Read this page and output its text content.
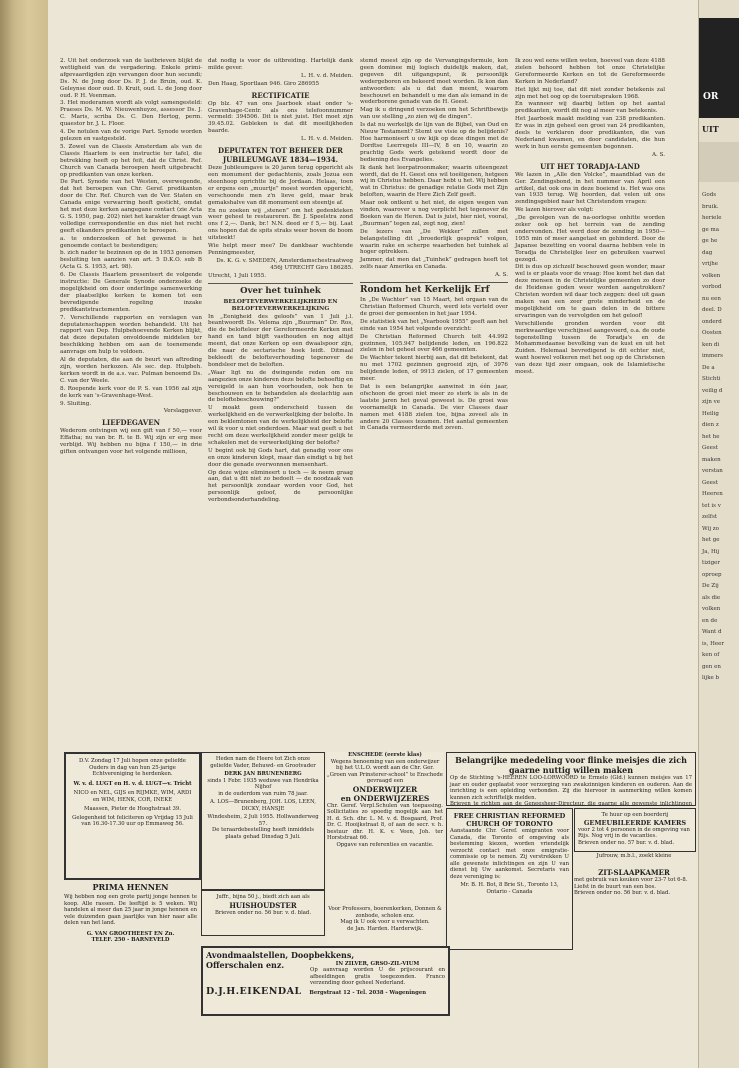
2. Uit het onderzoek van de lastbrieven blijkt de wettigheid van de vergadering. Enkele primi-afgevaardigden zijn vervangen door hun secundi; Ds. N. de Jong door Ds. P. J. de Bruin, oud. K. Geleynse door oud. D. Kruit, oud. L. de Jong door oud. P. H. Veenman.

3. Het moderamen wordt als volgt samengesteld: Praeses Ds. M. W. Nieuwenhuyze, assessor Ds. J. C. Maris, scriba Ds. C. Den Hertog, perm. quaestor br. J. L. Floor.

4. De notulen van de vorige Part. Synode worden gelezen en vastgesteld.

5. Zowel van de Classis Amsterdam als van de Classis Haarlem is een instructie ter tafel, die betrekking heeft op het feit, dat de Christ. Ref. Church van Canada beroepen heeft uitgebracht op predikanten van onze kerken.

De Part. Synode van het Westen, overwegende, dat het beroepen van Chr. Geref. predikanten door de Chr. Ref. Church van de Ver. Staten en Canada enige verwarring heeft gesticht, omdat het met deze kerken aangegane contact (zie Acta G. S. 1950, pag. 202) niet het karakter draagt van volledige correspondentie en dus niet het recht geeft elkanders predikanten te beroepen.

a. te onderzoeken of het gewenst is het genoemde contact te bestendigen;

b. zich nader te bezinnen op de in 1953 genomen besluiting ten aanzien van art. 5 D.K.O. sub B (Acta G. S. 1953, art. 98).

6. De Classis Haarlem presenteert de volgende instructie: De Generale Synode onderzoeke de mogelijkheid om door onderlinge samenwerking der plaatselijke kerken te komen tot een bevredigende regeling inzake predikantstractementen.

7. Verschillende rapporten en verslagen van deputatenschappen worden behandeld. Uit het rapport van Dep. Hulpbehoevende Kerken blijkt, dat deze deputaten onvoldoende middelen ter beschikking hebben om aan de toenemende aanvrage om hulp te voldoen.

Al de deputaten, die aan de beurt van aftreding zijn, worden herkozen. Als sec. dep. Hulpbeh. kerken wordt in de a.s. vac. Pulman benoemd Ds. C. van der Weele.

8. Roepende kerk voor de P. S. van 1956 zal zijn de kerk van 's-Gravenhage-West.

9. Sluiting.

Verslaggever.

LIEFDEGAVEN

Wederom ontvingen wij een gift van f 50,— voor Effatha; nu van br. R. te B. Wij zijn er erg mee verblijd. Wij hebben nu bijna f 150,— in drie giften ontvangen voor het volgende millioen,

dat nodig is voor de uitbreiding. Hartelijk dank milde gever.

L. H. v. d. Meiden.

Den Haag, Sportlaan 946. Giro 286955

RECTIFICATIE

Op blz. 47 van ons Jaarboek staat onder 's-Gravenhage-Centr. als ons telefoonnummer vermeld: 394506. Dit is niet juist. Het moet zijn 39.45.02. Gebleken is dat dit moeilijkheden baarde.

L. H. v. d. Meiden.

DEPUTATEN TOT BEHEER DER JUBILEUMGAVE 1834—1934.

Deze Jubileumgave is 20 jaren terug opgericht als een monument der gedachtenis, zoals Jozua een steenhoop oprichtte bij de Jordaan. Helaas, toen er ergens een „muurtje” moest worden opgericht, verschoonde men z'n lieve geld, maar brak gemakshalve van dit monument een steentje af.

En nu zoeken wij „stenen” om het gedenkteken weer geheel te restaureren. Br. J. Speelstra zond ons f 2,—. Dank, br.! N.N. deed er f 5,— bij. Laat ons hopen dat de spits straks weer boven de boom uitsteekt!

Wie helpt meer mee? De dankbaar wachtende Penningmeester,

Ds. K. G. v. SMEDEN, Amsterdamschestraatweg 456j UTRECHT Giro 186285.

Utrecht, 1 Juli 1955.

Over het tuinhek
BELOFTEVERWERKELIJKHEID EN BELOFTEVERWERKELIJKING

In „Eenigheid des geloofs” van 1 Juli j.l. beantwoordt Ds. Velema zijn „Buurman” Dr. Ros, die de belofteleer der Gereformeerde Kerken met hand en tand blijft vasthouden en nog altijd meent, dat onze Kerken op een dwaalspoor zijn, die naar de sectarische hoek leidt. Ditmaal bekleedt de belofteverhouding tegenover de bondsleer met de beloften.

„Waar ligt nu de dwingende reden om nu aangezien onze kinderen deze belofte behoeftig en vereigeld is aan hun voorhouden, ook hen te beschouwen en te behandelen als deelachtig aan de beloftebeschouwing?”

U moakt geen onderscheid tussen de werkelijkheid en de verwerkelijking der belofte. In een beklemtonen van de werkelijkheid der belofte wil ik voor u niet onderdoen. Maar wat geeft u het recht om deze werkelijkheid zonder meer gelijk te schakelen met de verwerkelijking der belofte?

U begint ook bij Gods hart, dat genadig voor ons en onze kinderen klopt, maar dan eindigt u bij het door die genade overwonnen mensenhart.

Op deze wijze elimineert u toch — ik neem graag aan, dat u dit niet zo bedoelt — de noodzaak van het persoonlijk zondaar worden voor God, het persoonlijk geloof, de persoonlijke verbondsonderhandeling.

stemd moest zijn op de Vervangingsformule, kon geen dominee mij logisch duidelijk maken, dat, gegeven dit uitgangspunt, ik persoonlijk wedergeboren en bekeerd moet worden. Ik kon dan antwoorden: als u dat dan meent, waarom beschouwt en behandelt u me dan als iemand in de wederborene genade van de H. Geest.

Mag ik u dringend verzoeken om het Schriftbewijs van uw stelling „zo zien wij de dingen”.

Is dat nu werkelijk de lijn van de Bijbel, van Oud en Nieuw Testament? Stemt uw visie op de belijdenis? Hoe harmonieert u uw kijk op deze dingen met de Dordtse Leerregels III—IV, 8 en 10, waarin zo prachtig Gods werk getekend wordt door de bediening des Evangelies.

Ik dank het leerpatroonmaker, waarin uiteengezet wordt, dat de H. Geest ons wil toeëigenen, hetgeen wij in Christus hebben. Daar hebt u het. Wij hebben wat in Christus: de genadige relatie Gods met Zijn beloften, waarin de Here Zich Zelf geeft.

Maar ook ontkent u het niet, de eigen wegen van vinden, waarover u nog verplicht het tegenover de Boeken van de Heren. Dat is juist, hier niet, vooral, „Buurman” tegen zal, zegt nog, zien!

De lezers van „De Wekker” zullen met belangstelling dit „broederlijk gesprek” volgen, waarin rake en scherpe waarheden het tuinhek al hoger optrekken.

Jammer, dat men dat „Tuinhek” gedragen heeft tot zelfs naar Amerika en Canada.

A. S.

Rondom het Kerkelijk Erf

In „De Wachter” van 15 Maart, het orgaan van de Christian Reformed Church, werd iets verteld over de groei der gemeenten in het jaar 1954.

De statistiek van het „Yearbook 1955” geeft aan het einde van 1954 het volgende overzicht:

De Christian Reformed Church telt 44.992 gezinnen, 105.947 belijdende leden, en 196.822 zielen in het geheel over 466 gemeenten.

De Wachter tekent hierbij aan, dat dit betekent, dat nu met 1702 gezinnen gegroeid zijn, of 3976 belijdende leden, of 9913 zielen, of 17 gemeenten meer.

Dat is een belangrijke aanwinst in één jaar, ofschoon de groei niet meer zo sterk is als in de laatste jaren het geval geweest is. De groei was voornamelijk in Canada. De vier Classes daar namen met 4188 zielen toe, bijna zoveel als in andere 20 Classes tezamen. Het aantal gemeenten in Canada vermeerderde met zeven.

Ik zou wel eens willen weten, hoeveel van deze 4188 zielen behoord hebben tot onze Christelijke Gereformeerde Kerken en tot de Gereformeerde Kerken in Nederland?

Het lijkt mij toe, dat dit niet zonder betekenis zal zijn met het oog op de toeruitspraken 1968.

En wanneer wij daarbij letten op het aantal predikanten, wordt dit nog al meer van betekenis.

Het Jaarboek maakt melding van 238 predikanten. Er was in zijn geheel een groei van 24 predikanten, deels te verklaren door predikanten, die van Nederland kwamen, en door candidaten, die hun werk in hun eerste gemeenten begonnen.

A. S.

UIT HET TORADJA-LAND

We lazen in „Alle den Volcke”, maandblad van de Ger. Zendingsbond, in het nummer van April een artikel, dat ook ons in deze boeiend is. Het was ons van 1935 terug. Wij hoorden, dat velen uit ons zendingsgebied naar het Christendom vragen:

We lazen hierover als volgt:

„De gevolgen van de na-oorlogse onhitte worden zeker ook op het terrein van de zending ondervonden. Het werd door de zending in 1950—1955 min of meer aangetast en gehinderd. Door de Japanse bezetting en vooral daarna hebben vele in Toradja de Christelijke leer en gebruiken vaarwel gezegd.

Dit is dus op zichzelf beschouwd geen wonder, maar wel is er plaats voor de vraag: Hoe komt het dan dat deze mensen in de Christelijke gemeenten zo door de Heidense goden weer worden aangetrokken? Christen worden wil daar toch zeggen: deel uit gaan maken van een zeer grote minderheid en de mogelijkheid om te gaan delen in de bittere ervaringen van de vervolgden om het geloof!

Verschillende gronden worden voor dit merkwaardige verschijnsel aangevoerd, o.a. de oude tegenstelling tussen de Toradja's en de Mohammedaanse bevolking van de kust en uit het Zuiden. Helemaal bevredigend is dit echter niet, want hoewel volkeren met het oog op de Christenen van deze tijd zeer omgaan, ook de Islamietische moest.

D.V. Zondag 17 Juli hopen onze geliefde Ouders in dag van hun 25-jarige Echtvereniging te herdenken.
W. v. d. LUGT en H. v. d. LUGT—v. Tricht
NICO en NEL, GIJS en RIJMKE, WIM, ARDI en WIM, HENK, COR, INEKE
Maassen, Pieter de Hooghstraat 39.
Gelegenheid tot feliciteren op Vrijdag 15 Juli van 16.30-17.30 uur op Emmaweg 56.
PRIMA HENNEN
Wij hebben nog een grote partij jonge hennen te koop. Alle rassen. De leeftijd is 5 weken. Wij handelen al meer dan 25 jaar in jonge hennen en vele duizenden gaan jaarlijks van hier naar alle delen van het land.
G. VAN GROOTHEEST EN Zn.
TELEF. 250 - BARNEVELD
Heden nam de Heere tot Zich onze geliefde Vader, Behuwd- en Grootvader
DERK JAN BRUNENBERG
sinds 1 Febr. 1935 weduwe van Hendrika Nijhof
in de ouderdom van ruim 78 jaar.
A. LOS—Brunenberg, JOH. LOS, LEEN, DICKY, HANSJE
Windesheim, 2 Juli 1955. Hollwanderweg 57.
De teraardebestelling heeft inmiddels plaats gehad Dinsdag 5 Juli.
Juffr., bijna 50 j., biedt zich aan als
HUISHOUDSTER
Brieven onder no. 56 bur. v. d. blad.
ENSCHEDE (eerste klas)
Wegens benoeming van een onderwijzer bij het U.L.O. wordt aan de Chr. Ger. „Groen van Prinsterer-school” te Enschede gevraagd een
ONDERWIJZER
en ONDERWIJZERES
Chr. Geref. Verpl.Schulen van toepassing. Sollicitaties zo spoedig mogelijk aan het H. d. Sch. dhr. L. M. v. d. Bosgaard, Prof. Dr. C. Hooijkstraat 8, of aan de secr. v. h. bestuur dhr. H. K. v. Veen, Joh. ter Horststraat 66.
Opgave van referenties en vacantie.
Voor Professors, boerenkerken, Donnen & zonbode, scholen enz.
Mag ik U ook voor u verwachten.
de Jan. Harden. Harderwijk.
Belangrijke mededeling voor flinke meisjes die zich gaarne nuttig willen maken
Op de Stichting 's-HEEREN LOO-LORWOORD te Ermelo (Gld.) kunnen meisjes van 17 jaar en ouder geplaatst voor verzorging van zwakzinnigen kinderen en ouderen. Aan de inrichting is een opleiding verbonden. Zij die hiervoor in aanmerking willen komen kunnen zich schriftelijk melden.
Brieven te richten aan de Geneesheer-Directeur, die gaarne alle gewenste inlichtingen
FREE CHRISTIAN REFORMED CHURCH OF TORONTO
Aanstaande Chr. Geref. emigranten voor Canada, die Toronto of omgeving als bestemming kiezen, worden vriendelijk verzocht contact met onze emigratie-commissie op te nemen. Zij verstrekken U alle gewenste inlichtingen en zijn U van dienst bij Uw aankomst. Secretaris van deze vereniging is:
Mr. B. H. Bot, 8 Brie St., Toronto 13, Ontario - Canada
Te huur op een boerderij
GEMEUBILEERDE KAMERS
voor 2 tot 4 personen in de omgeving van Rijs. Nog vrij in de vacanties.
Brieven onder no. 57 bur. v. d. blad.
Jufrouw, m.b.l., zoekt kleine
ZIT-SLAAPKAMER
met gebruik van keuken voor 23-7 tot 6-8. Liefst in de buurt van een bos.
Brieven onder no. 56 bur. v. d. blad.
Avondmaalstellen, Doopbekkens,
Offerschalen enz.	IN ZILVER, GRSO-ZIL-VIUM
Op aanvraag worden U de prijscourant en afbeeldingen gratis toegezonden. Franco verzending door geheel Nederland.
D.J.H.EIKENDAL Bergstraat 12 - Tel. 2038 - Wageningen
OR
UIT
Gods
bruik.
heriele
ge ma
ge he
dag
vrijhe
volken
vorbod
nu een
deel. D
onderd
Oosten
ken di
immers
De a
Stichti
veilig d
zijn ve
Heilig
dien z
het he
Geest
maken
verstan
Geest
Heeren
tet is v
zelfst
Wij zo
het ge
Ja, Hij
tiziger
oproep
De Zij
als die
volken
en de
Want d
is, Heer
ken of
gen en
lijke b
